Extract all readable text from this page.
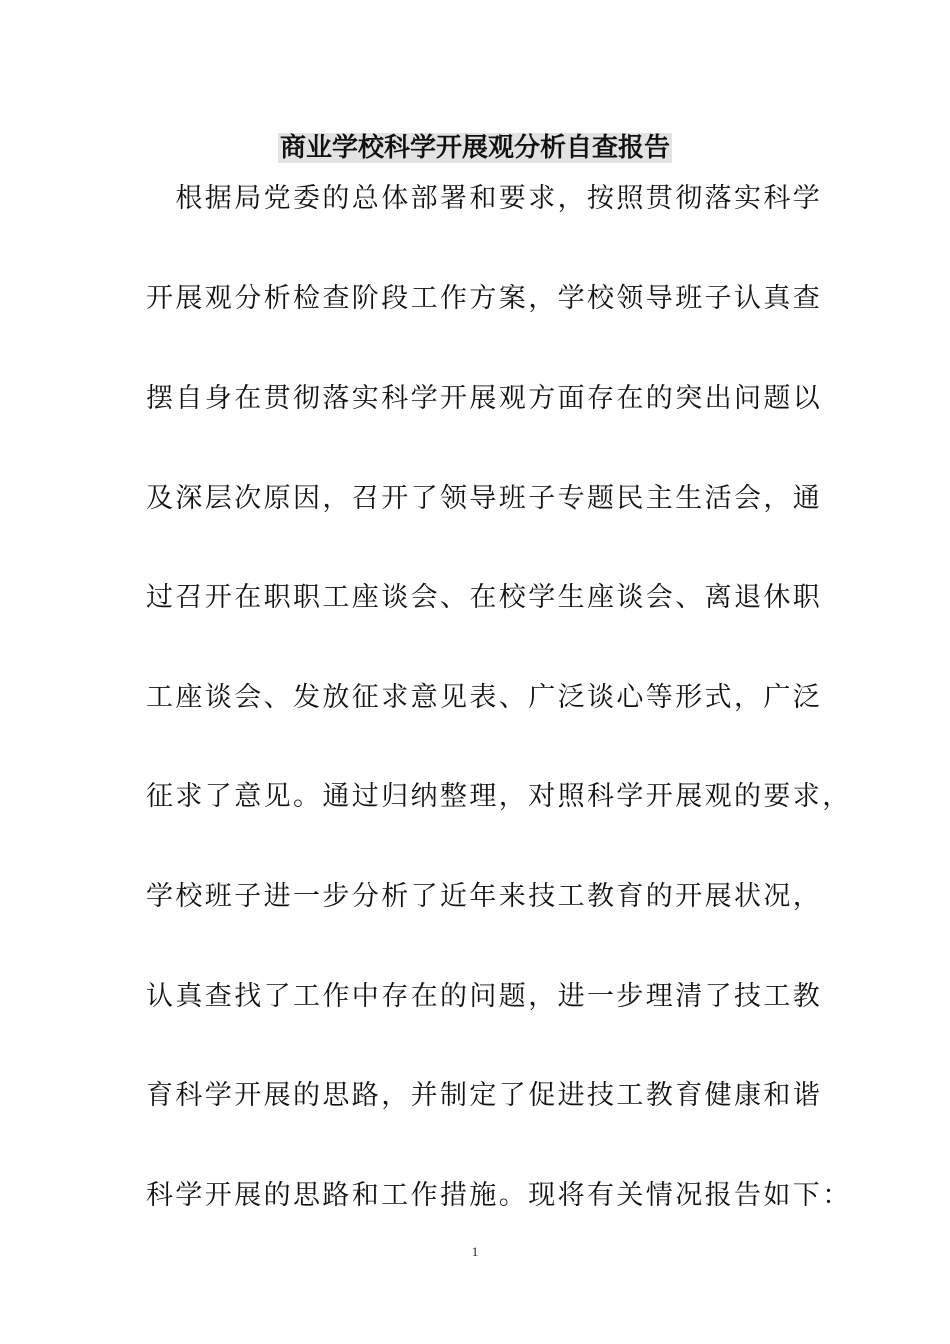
商业学校科学开展观分析自查报告

　根据局党委的总体部署和要求，按照贯彻落实科学

开展观分析检查阶段工作方案，学校领导班子认真查

摆自身在贯彻落实科学开展观方面存在的突出问题以

及深层次原因，召开了领导班子专题民主生活会，通

过召开在职职工座谈会、在校学生座谈会、离退休职

工座谈会、发放征求意见表、广泛谈心等形式，广泛

征求了意见。通过归纳整理，对照科学开展观的要求，

学校班子进一步分析了近年来技工教育的开展状况，

认真查找了工作中存在的问题，进一步理清了技工教

育科学开展的思路，并制定了促进技工教育健康和谐

科学开展的思路和工作措施。现将有关情况报告如下：

1
